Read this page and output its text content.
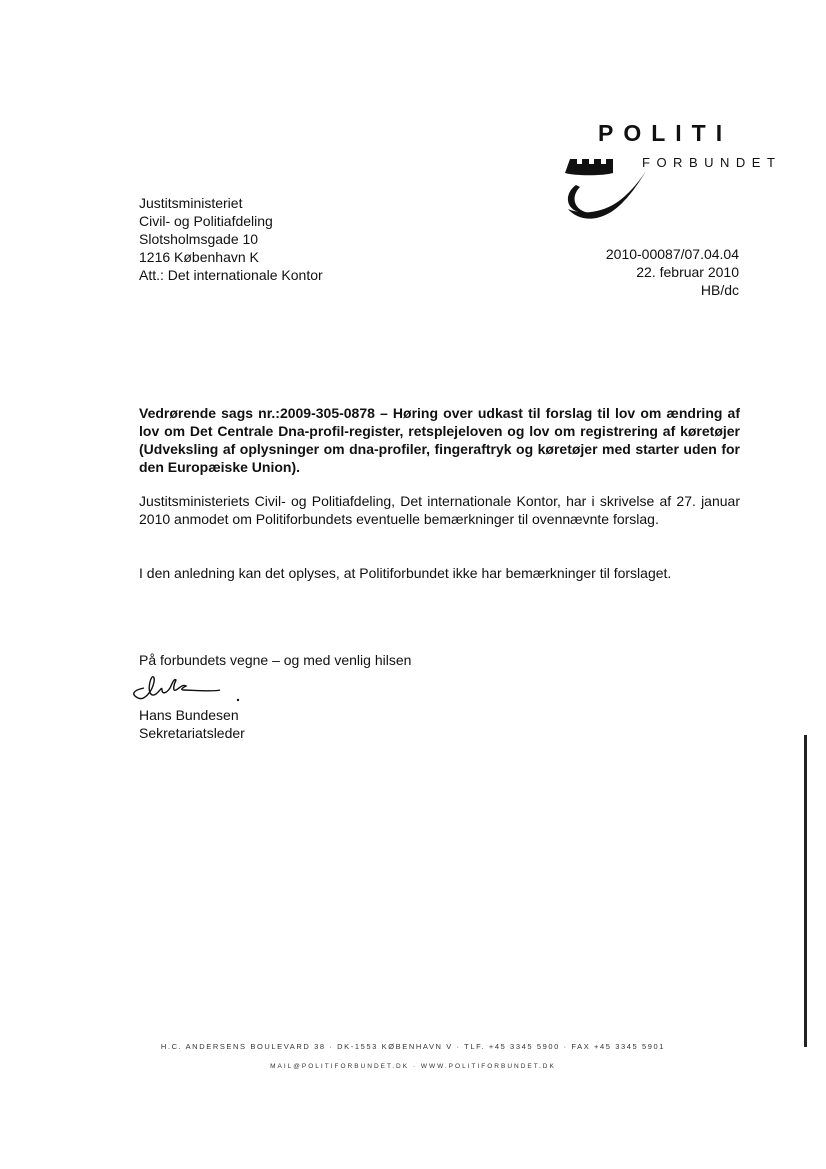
POLITI
FORBUNDET
Justitsministeriet
Civil- og Politiafdeling
Slotsholmsgade 10
1216 København K
Att.: Det internationale Kontor
2010-00087/07.04.04
22. februar 2010
HB/dc
Vedrørende sags nr.:2009-305-0878 – Høring over udkast til forslag til lov om ændring af lov om Det Centrale Dna-profil-register, retsplejeloven og lov om registrering af køretøjer (Udveksling af oplysninger om dna-profiler, fingeraftryk og køretøjer med starter uden for den Europæiske Union).
Justitsministeriets Civil- og Politiafdeling, Det internationale Kontor, har i skrivelse af 27. januar 2010 anmodet om Politiforbundets eventuelle bemærkninger til ovennævnte forslag.
I den anledning kan det oplyses, at Politiforbundet ikke har bemærkninger til forslaget.
På forbundets vegne – og med venlig hilsen
Hans Bundesen
Sekretariatsleder
H.C. ANDERSENS BOULEVARD 38 · DK-1553 KØBENHAVN V · TLF. +45 3345 5900 · FAX +45 3345 5901
MAIL@POLITIFORBUNDET.DK · WWW.POLITIFORBUNDET.DK
